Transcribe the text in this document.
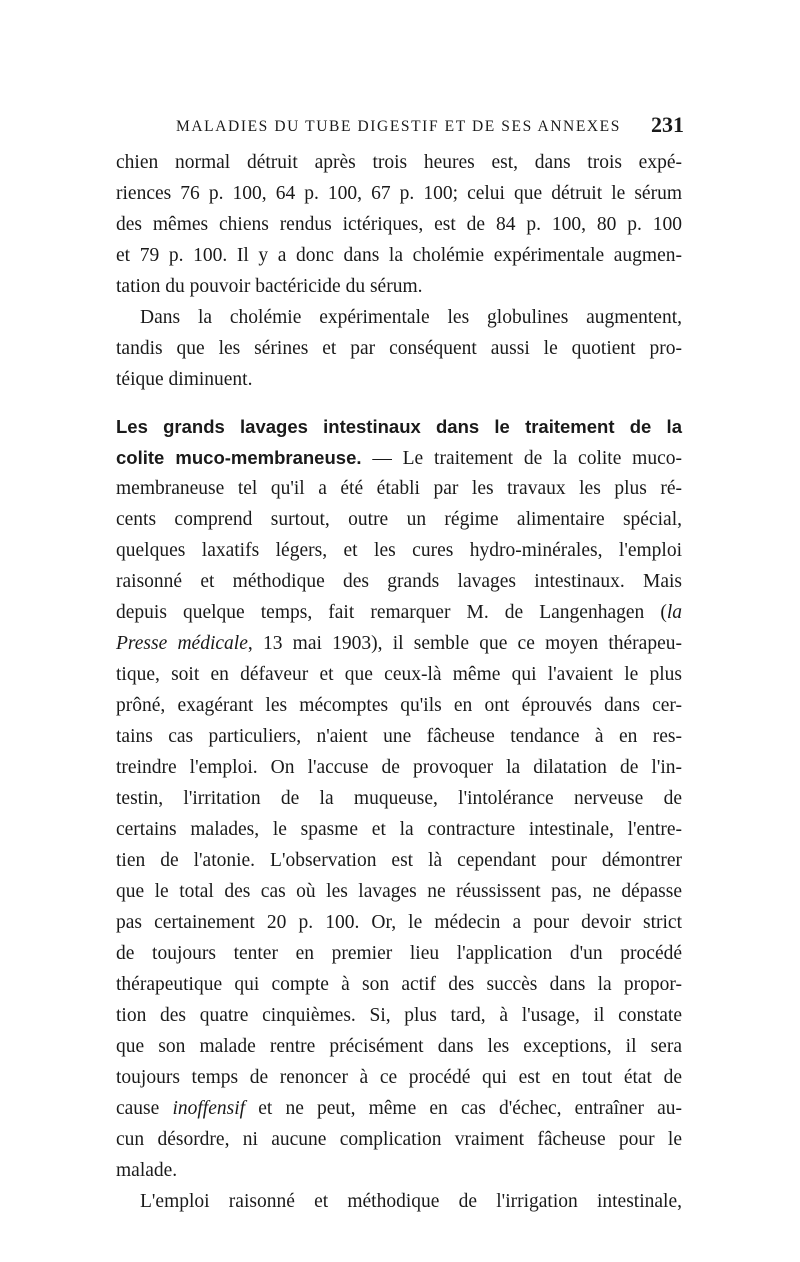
MALADIES DU TUBE DIGESTIF ET DE SES ANNEXES 231
chien normal détruit après trois heures est, dans trois expé-
riences 76 p. 100, 64 p. 100, 67 p. 100; celui que détruit le sérum
des mêmes chiens rendus ictériques, est de 84 p. 100, 80 p. 100
et 79 p. 100. Il y a donc dans la cholémie expérimentale augmen-
tation du pouvoir bactéricide du sérum.
Dans la cholémie expérimentale les globulines augmentent,
tandis que les sérines et par conséquent aussi le quotient pro-
téique diminuent.
Les grands lavages intestinaux dans le traitement de la
colite muco-membraneuse. — Le traitement de la colite muco-
membraneuse tel qu'il a été établi par les travaux les plus ré-
cents comprend surtout, outre un régime alimentaire spécial,
quelques laxatifs légers, et les cures hydro-minérales, l'emploi
raisonné et méthodique des grands lavages intestinaux. Mais
depuis quelque temps, fait remarquer M. de Langenhagen (la
Presse médicale, 13 mai 1903), il semble que ce moyen thérapeu-
tique, soit en défaveur et que ceux-là même qui l'avaient le plus
prôné, exagérant les mécomptes qu'ils en ont éprouvés dans cer-
tains cas particuliers, n'aient une fâcheuse tendance à en res-
treindre l'emploi. On l'accuse de provoquer la dilatation de l'in-
testin, l'irritation de la muqueuse, l'intolérance nerveuse de
certains malades, le spasme et la contracture intestinale, l'entre-
tien de l'atonie. L'observation est là cependant pour démontrer
que le total des cas où les lavages ne réussissent pas, ne dépasse
pas certainement 20 p. 100. Or, le médecin a pour devoir strict
de toujours tenter en premier lieu l'application d'un procédé
thérapeutique qui compte à son actif des succès dans la propor-
tion des quatre cinquièmes. Si, plus tard, à l'usage, il constate
que son malade rentre précisément dans les exceptions, il sera
toujours temps de renoncer à ce procédé qui est en tout état de
cause inoffensif et ne peut, même en cas d'échec, entraîner au-
cun désordre, ni aucune complication vraiment fâcheuse pour le
malade.
L'emploi raisonné et méthodique de l'irrigation intestinale,
